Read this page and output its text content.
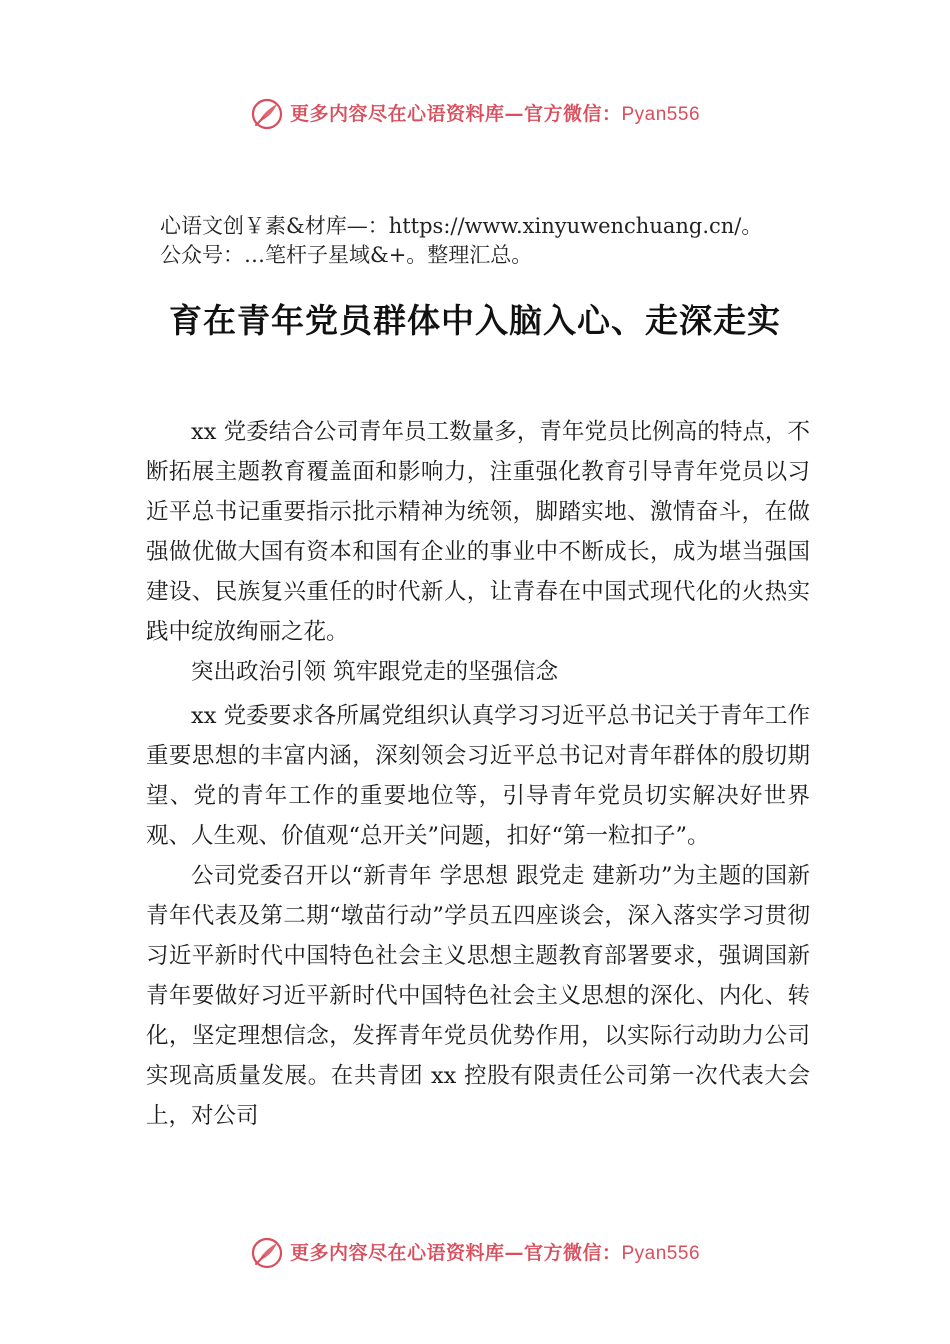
更多内容尽在心语资料库—官方微信：Pyan556
心语文创￥素&材库—：https://www.xinyuwenchuang.cn/。
公众号：…笔杆子星域&+。整理汇总。
育在青年党员群体中入脑入心、走深走实

xx 党委结合公司青年员工数量多，青年党员比例高的特点，不断拓展主题教育覆盖面和影响力，注重强化教育引导青年党员以习近平总书记重要指示批示精神为统领，脚踏实地、激情奋斗，在做强做优做大国有资本和国有企业的事业中不断成长，成为堪当强国建设、民族复兴重任的时代新人，让青春在中国式现代化的火热实践中绽放绚丽之花。

突出政治引领 筑牢跟党走的坚强信念

xx 党委要求各所属党组织认真学习习近平总书记关于青年工作重要思想的丰富内涵，深刻领会习近平总书记对青年群体的殷切期望、党的青年工作的重要地位等，引导青年党员切实解决好世界观、人生观、价值观“总开关”问题，扣好“第一粒扣子”。

公司党委召开以“新青年 学思想 跟党走 建新功”为主题的国新青年代表及第二期“墩苗行动”学员五四座谈会，深入落实学习贯彻习近平新时代中国特色社会主义思想主题教育部署要求，强调国新青年要做好习近平新时代中国特色社会主义思想的深化、内化、转化，坚定理想信念，发挥青年党员优势作用，以实际行动助力公司实现高质量发展。在共青团 xx 控股有限责任公司第一次代表大会上，对公司

更多内容尽在心语资料库—官方微信：Pyan556
